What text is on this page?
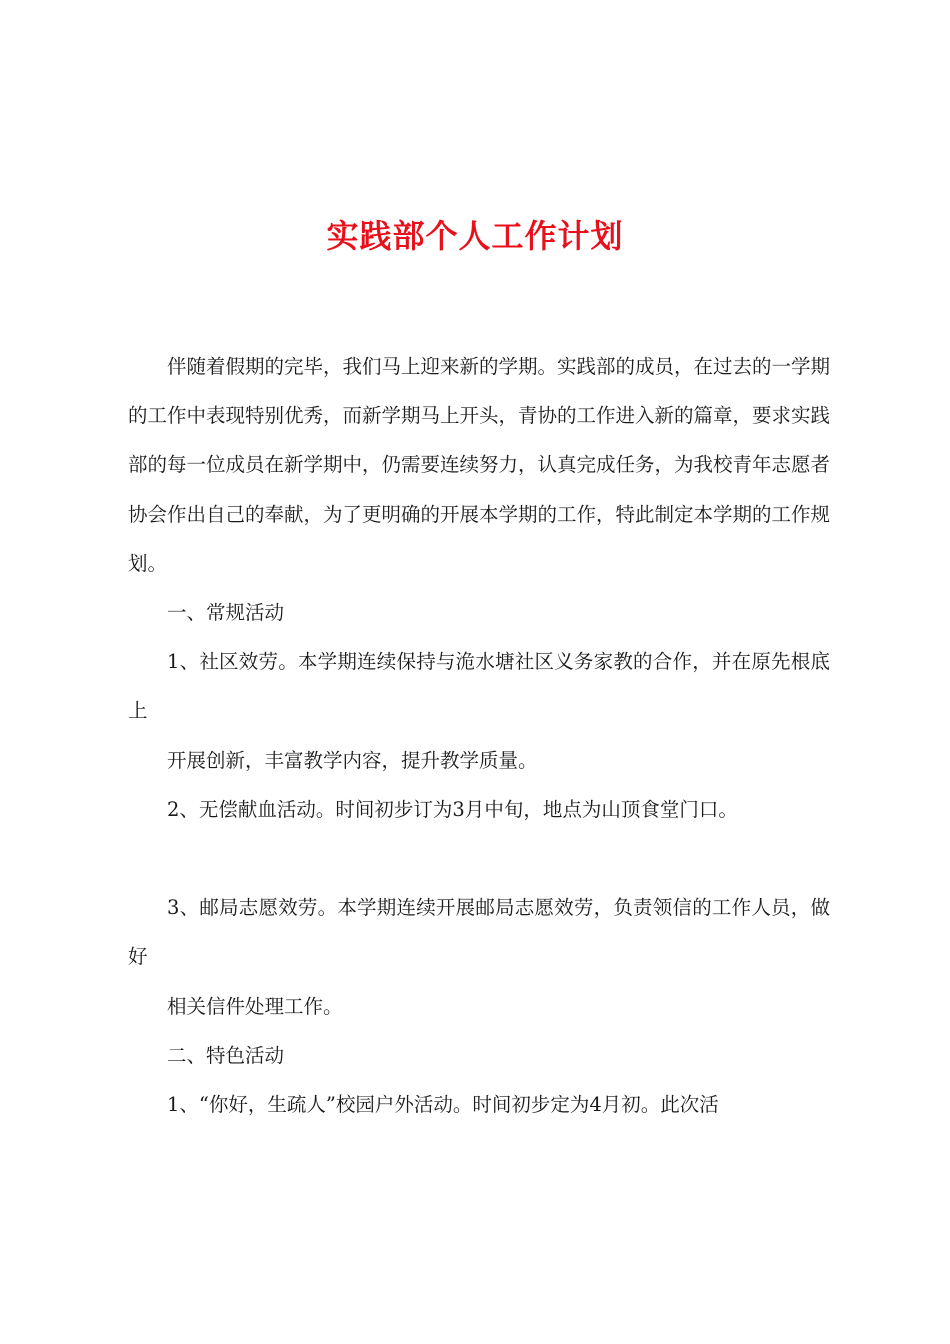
实践部个人工作计划

伴随着假期的完毕，我们马上迎来新的学期。实践部的成员，在过去的一学期的工作中表现特别优秀，而新学期马上开头，青协的工作进入新的篇章，要求实践部的每一位成员在新学期中，仍需要连续努力，认真完成任务，为我校青年志愿者协会作出自己的奉献，为了更明确的开展本学期的工作，特此制定本学期的工作规划。

一、常规活动

1、社区效劳。本学期连续保持与洈水塘社区义务家教的合作，并在原先根底上

开展创新，丰富教学内容，提升教学质量。

2、无偿献血活动。时间初步订为3月中旬，地点为山顶食堂门口。

3、邮局志愿效劳。本学期连续开展邮局志愿效劳，负责领信的工作人员，做好

相关信件处理工作。

二、特色活动

1、“你好，生疏人”校园户外活动。时间初步定为4月初。此次活
